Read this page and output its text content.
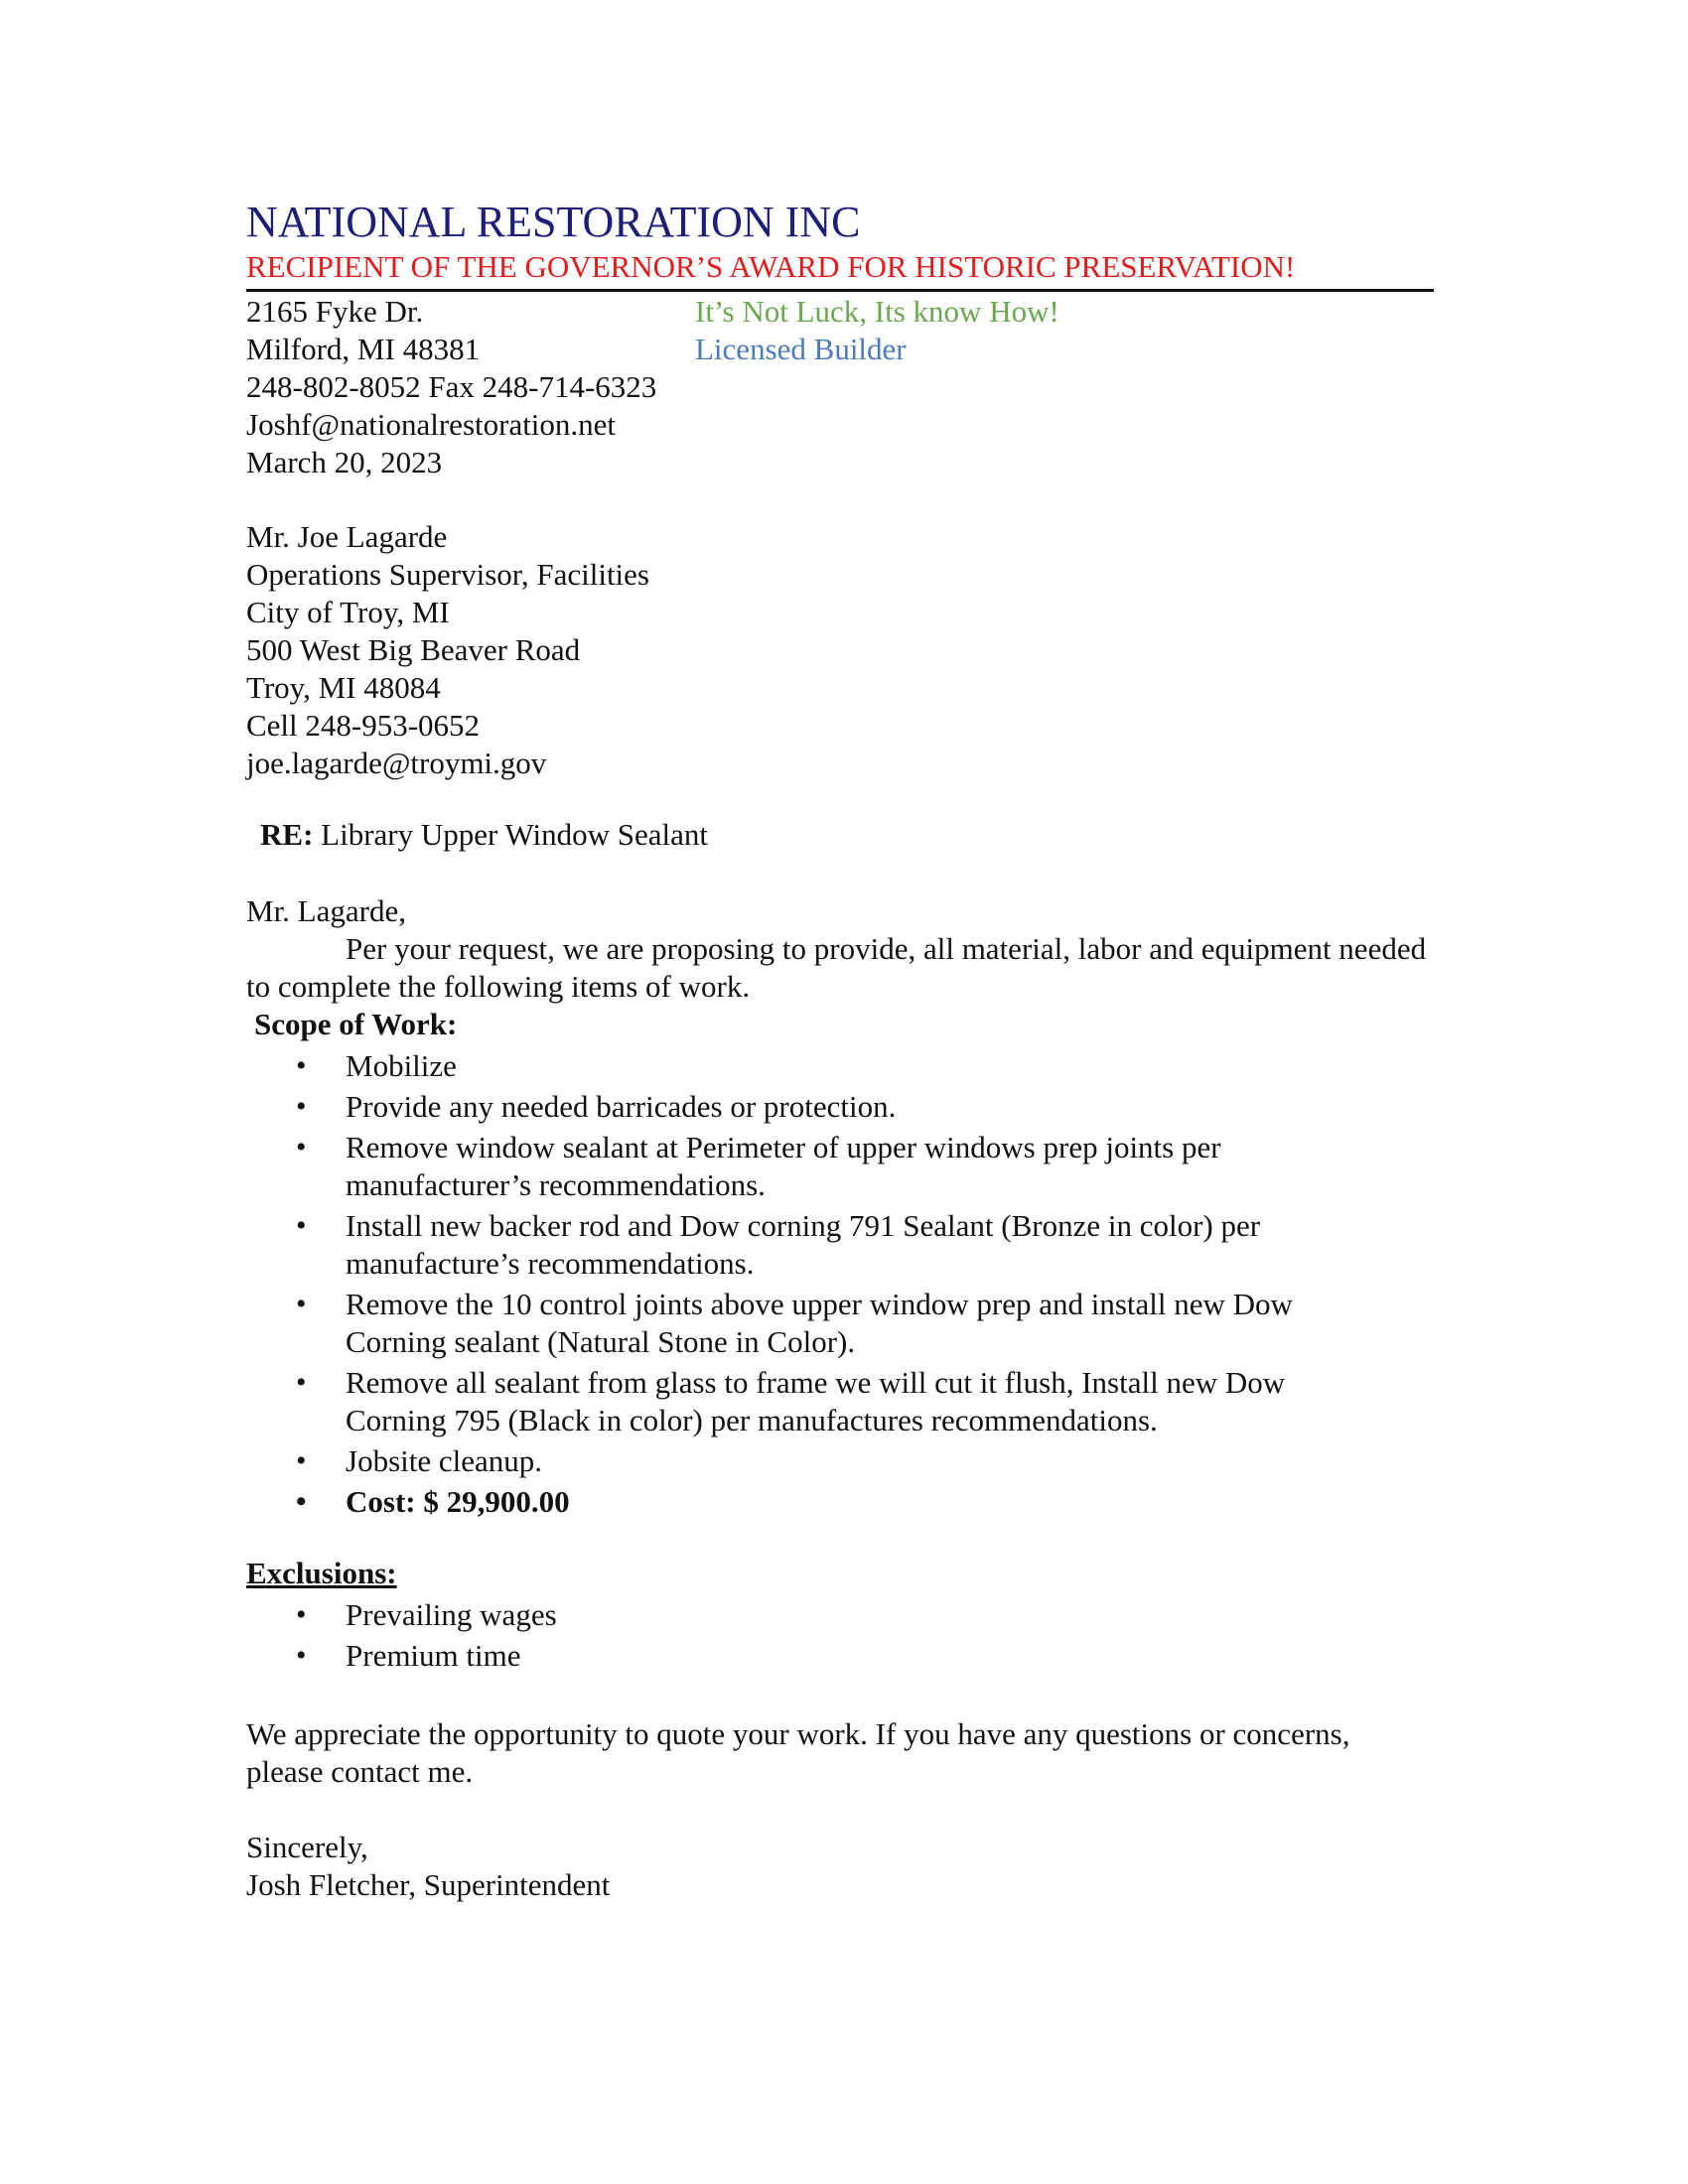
NATIONAL RESTORATION INC
RECIPIENT OF THE GOVERNOR’S AWARD FOR HISTORIC PRESERVATION!
2165 Fyke Dr.
Milford, MI 48381
248-802-8052 Fax 248-714-6323
Joshf@nationalrestoration.net
March 20, 2023
It’s Not Luck, Its know How!
Licensed Builder
Mr. Joe Lagarde
Operations Supervisor, Facilities
City of Troy, MI
500 West Big Beaver Road
Troy, MI 48084
Cell 248-953-0652
joe.lagarde@troymi.gov
RE: Library Upper Window Sealant
Mr. Lagarde,
Per your request, we are proposing to provide, all material, labor and equipment needed to complete the following items of work.
Scope of Work:
• Mobilize
• Provide any needed barricades or protection.
• Remove window sealant at Perimeter of upper windows prep joints per
manufacturer’s recommendations.
• Install new backer rod and Dow corning 791 Sealant (Bronze in color) per
manufacture’s recommendations.
• Remove the 10 control joints above upper window prep and install new Dow
Corning sealant (Natural Stone in Color).
• Remove all sealant from glass to frame we will cut it flush, Install new Dow
Corning 795 (Black in color) per manufactures recommendations.
• Jobsite cleanup.
• Cost: $ 29,900.00
Exclusions:
• Prevailing wages
• Premium time
We appreciate the opportunity to quote your work. If you have any questions or concerns,
please contact me.
Sincerely,
Josh Fletcher, Superintendent
